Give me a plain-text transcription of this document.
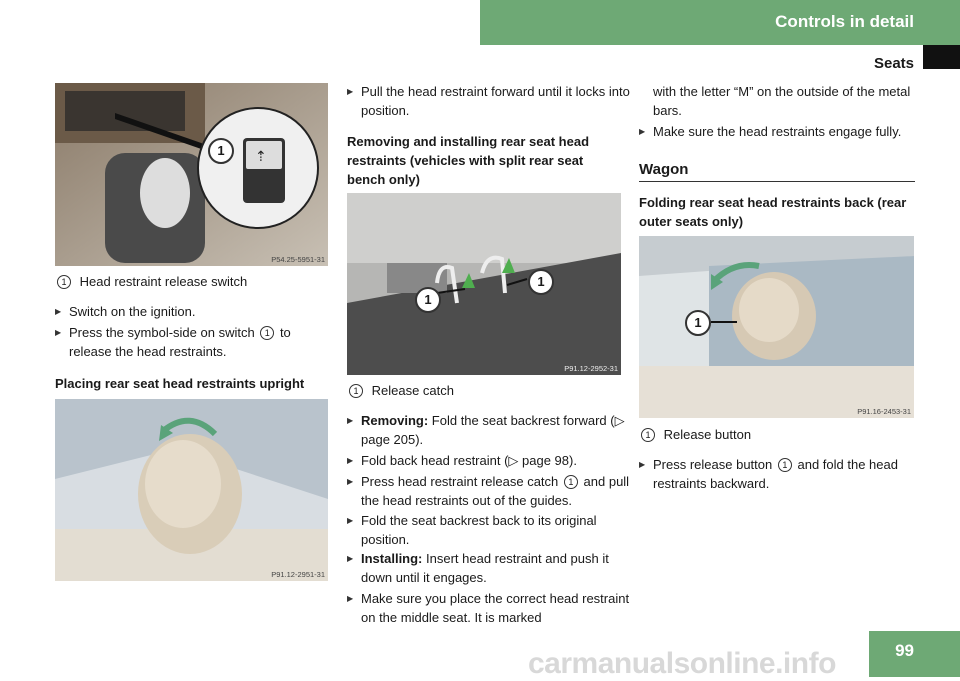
Controls in detail
Seats
⇡
1
P54.25-5951-31
1 Head restraint release switch
▶ Switch on the ignition.
▶ Press the symbol-side on switch 1 to release the head restraints.
Placing rear seat head restraints upright
P91.12-2951-31
▶ Pull the head restraint forward until it locks into position.
Removing and installing rear seat head restraints (vehicles with split rear seat bench only)
1
1
P91.12-2952-31
1 Release catch
▶ Removing: Fold the seat backrest forward (▷ page 205).
▶ Fold back head restraint (▷ page 98).
▶ Press head restraint release catch 1 and pull the head restraints out of the guides.
▶ Fold the seat backrest back to its original position.
▶ Installing: Insert head restraint and push it down until it engages.
▶ Make sure you place the correct head restraint on the middle seat. It is marked
with the letter “M” on the outside of the metal bars.
▶ Make sure the head restraints engage fully.
Wagon
Folding rear seat head restraints back (rear outer seats only)
1
P91.16-2453-31
1 Release button
▶ Press release button 1 and fold the head restraints backward.
carmanualsonline.info	99
